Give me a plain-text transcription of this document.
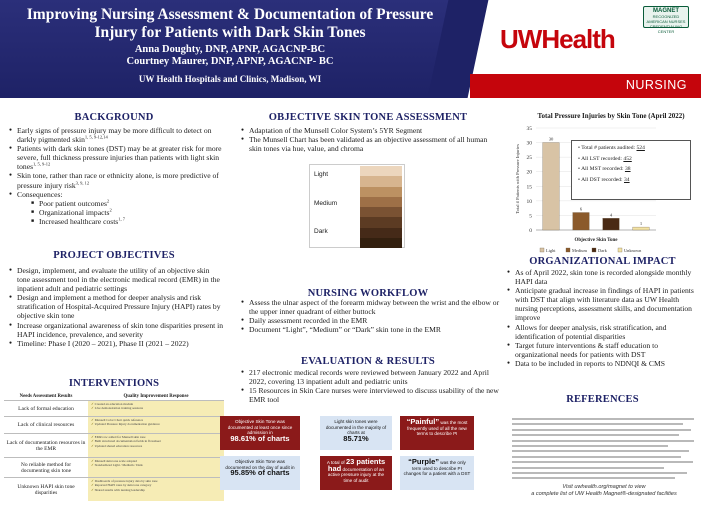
Improving Nursing Assessment & Documentation of Pressure Injury for Patients with Dark Skin Tones
Anna Doughty, DNP, APNP, AGACNP-BC
Courtney Maurer, DNP, APNP, AGACNP- BC
UW Health Hospitals and Clinics, Madison, WI
MAGNET
RECOGNIZED
AMERICAN NURSES CREDENTIALING CENTER
UWHealth
NURSING
BACKGROUND
● Early signs of pressure injury may be more difficult to detect on darkly pigmented skin$^{1, 5, 9-12,14}$
● Patients with dark skin tones (DST) may be at greater risk for more severe, full thickness pressure injuries than patients with light skin tones$^{1, 5, 9-12}$
● Skin tone, rather than race or ethnicity alone, is more predictive of pressure injury risk$^{3, 9, 12}$
● Consequences:
■ Poor patient outcomes$^2$
■ Organizational impacts$^2$
■ Increased healthcare costs$^{1, 7}$
PROJECT OBJECTIVES
● Design, implement, and evaluate the utility of an objective skin tone assessment tool in the electronic medical record (EMR) in the inpatient adult and pediatric settings
● Design and implement a method for deeper analysis and risk stratification of Hospital-Acquired Pressure Injury (HAPI) rates by objective skin tone
● Increase organizational awareness of skin tone disparities present in HAPI incidence, prevalence, and severity
● Timeline: Phase I (2020 – 2021), Phase II (2021 – 2022)
INTERVENTIONS
Needs Assessment Results	Quality Improvement Response
Lack of formal education
✓ Created an education module
✓ Live demonstration training sessions
Lack of clinical resources
✓ Munsell Color Chart quick reference
✓ Updated Pressure Injury documentation guidance
Lack of documentation resources in the EMR
✓ EMR row added for Munsell skin tone
✓ Built structured documentation fields in flowsheet
✓ Updated shared education resources
No reliable method for documenting skin tone
✓ Munsell skin tone scale adopted
✓ Standardized Light / Medium / Dark
Unknown HAPI skin tone disparities
✓ Dashboards of pressure injury data by skin tone
✓ Reported HAPI rates by skin tone category
✓ Shared results with nursing leadership
OBJECTIVE SKIN TONE ASSESSMENT
● Adaptation of the Munsell Color System’s 5YR Segment
● The Munsell Chart has been validated as an objective assessment of all human skin tones via hue, value, and chroma
Light
Medium
Dark
NURSING WORKFLOW
● Assess the ulnar aspect of the forearm midway between the wrist and the elbow or the upper inner quadrant of either buttock
● Daily assessment recorded in the EMR
● Document “Light”, “Medium” or “Dark” skin tone in the EMR
EVALUATION & RESULTS
● 217 electronic medical records were reviewed between January 2022 and April 2022, covering 13 inpatient adult and pediatric units
● 15 Resources in Skin Care nurses were interviewed to discuss usability of the new EMR tool
Objective Skin Tone was documented at least once since admission in
98.61% of charts
Light skin tones were documented in the majority of charts at
85.71%
“Painful” was the most frequently used of all the new terms to describe PI
Objective Skin Tone was documented on the day of audit in
95.85% of charts
A total of 23 patients had documentation of an active pressure injury at the time of audit
“Purple” was the only term used to describe PI changes for a patient with a DST
Total Pressure Injuries by Skin Tone (April 2022)
0
5
10
15
20
25
30
35
Total # Patients with Pressure Injuries
30
6
4
1
Objective Skin Tone
Light	Medium	Dark	Unknown
• Total # patients audited: 524
• All LST recorded: 452
• All MST recorded: 38
• All DST recorded: 34
ORGANIZATIONAL IMPACT
● As of April 2022, skin tone is recorded alongside monthly HAPI data
● Anticipate gradual increase in findings of HAPI in patients with DST that align with literature data as UW Health nursing perceptions, assessment skills, and documentation improve
● Allows for deeper analysis, risk stratification, and identification of potential disparities
● Target future interventions & staff education to organizational needs for patients with DST
● Data to be included in reports to NDNQI & CMS
REFERENCES
Visit uwhealth.org/magnet to view
a complete list of UW Health Magnet®-designated facilities
